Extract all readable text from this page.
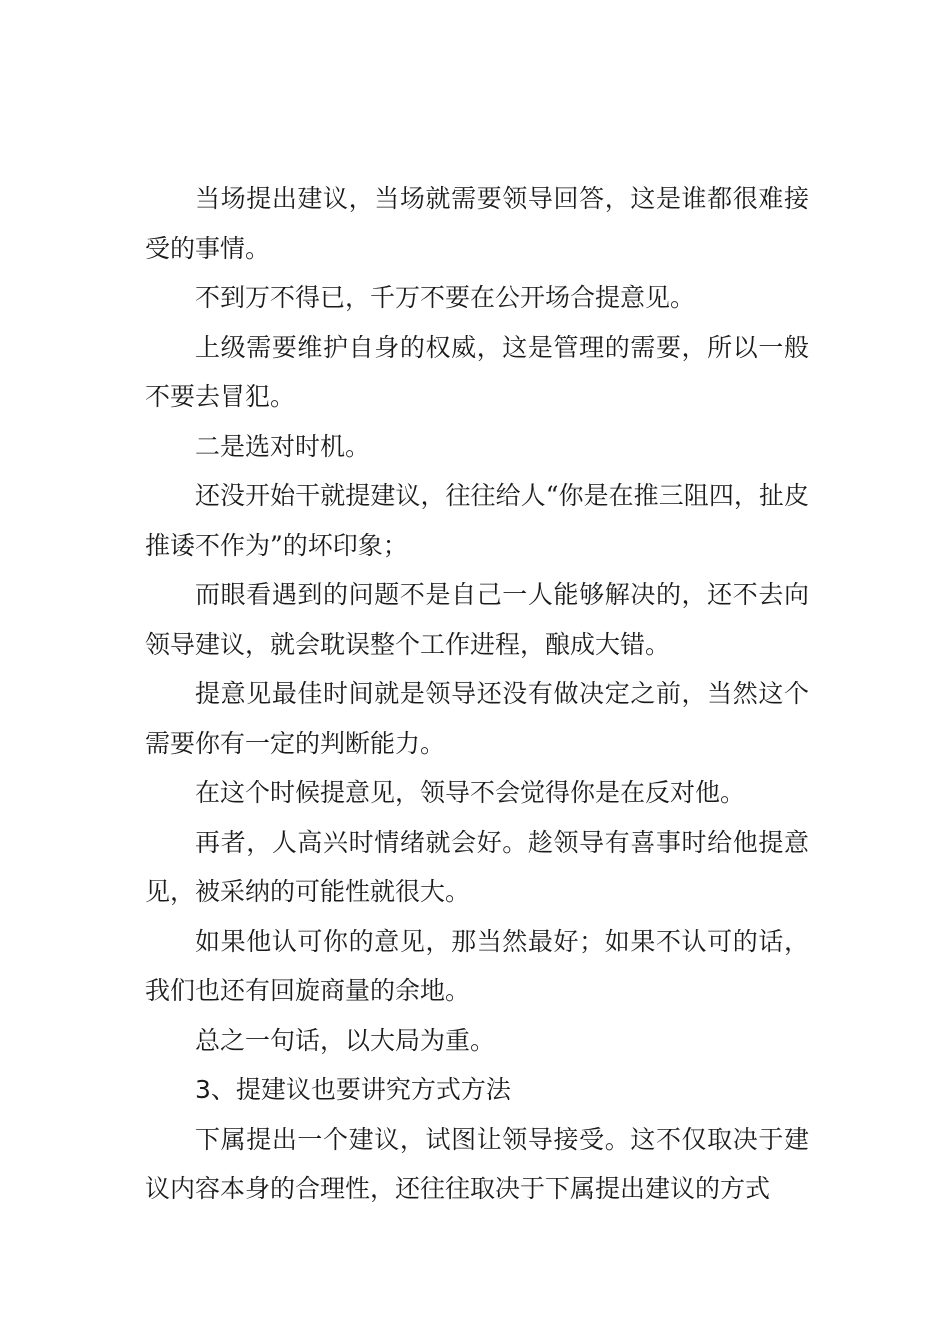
当场提出建议，当场就需要领导回答，这是谁都很难接受的事情。

不到万不得已，千万不要在公开场合提意见。

上级需要维护自身的权威，这是管理的需要，所以一般不要去冒犯。

二是选对时机。

还没开始干就提建议，往往给人“你是在推三阻四，扯皮推诿不作为”的坏印象；

而眼看遇到的问题不是自己一人能够解决的，还不去向领导建议，就会耽误整个工作进程，酿成大错。

提意见最佳时间就是领导还没有做决定之前，当然这个需要你有一定的判断能力。

在这个时候提意见，领导不会觉得你是在反对他。

再者，人高兴时情绪就会好。趁领导有喜事时给他提意见，被采纳的可能性就很大。

如果他认可你的意见，那当然最好；如果不认可的话，我们也还有回旋商量的余地。

总之一句话，以大局为重。

3、提建议也要讲究方式方法

下属提出一个建议，试图让领导接受。这不仅取决于建议内容本身的合理性，还往往取决于下属提出建议的方式
